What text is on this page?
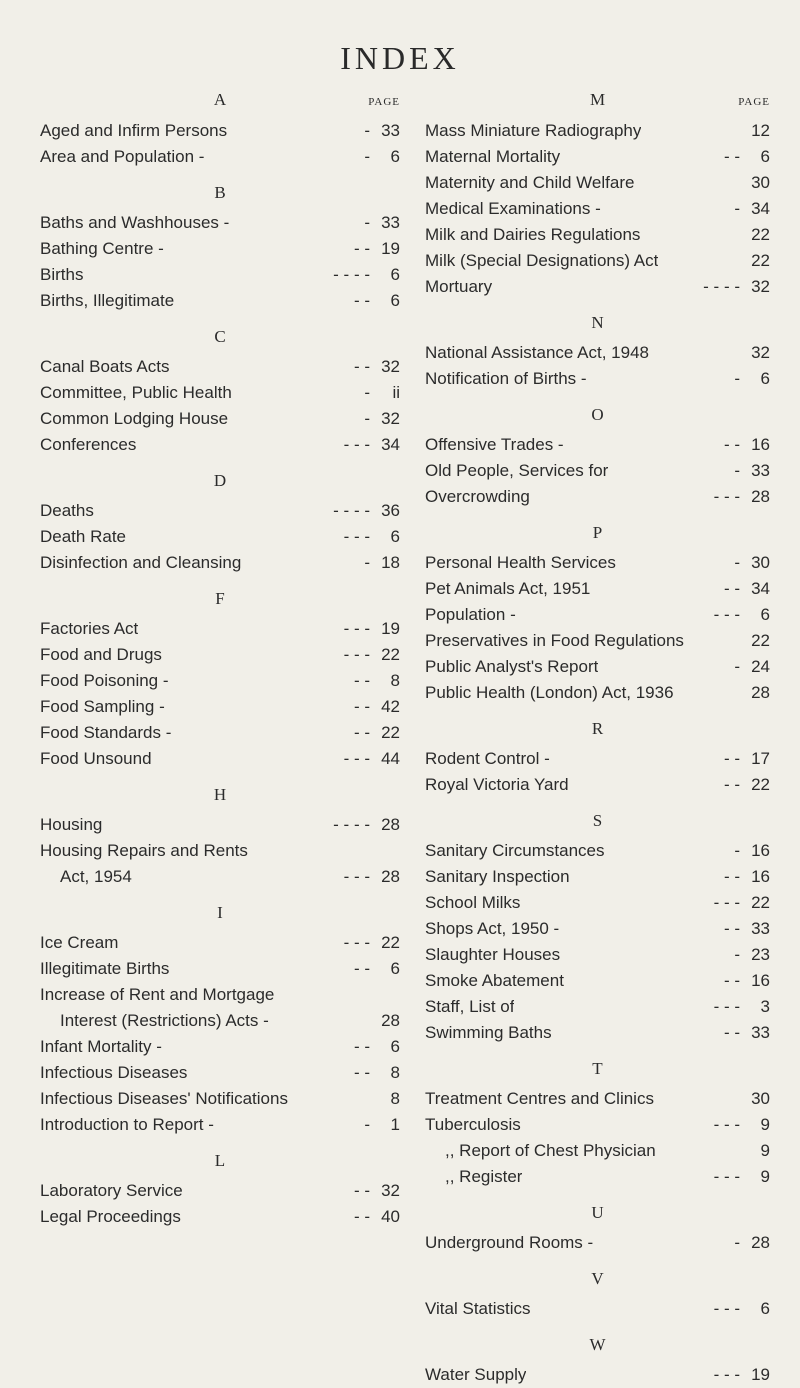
INDEX
A	PAGE
Aged and Infirm Persons	- 33
Area and Population -	-	6
B
Baths and Washhouses -	- 33
Bathing Centre -	- - 19
Births	- - - -	6
Births, Illegitimate	- -	6
C
Canal Boats Acts	- - 32
Committee, Public Health	-	ii
Common Lodging House	- 32
Conferences	- - - 34
D
Deaths	- - - - 36
Death Rate	- - -	6
Disinfection and Cleansing	- 18
F
Factories Act	- - - 19
Food and Drugs	- - - 22
Food Poisoning -	- -	8
Food Sampling -	- - 42
Food Standards -	- - 22
Food Unsound	- - - 44
H
Housing	- - - - 28
Housing Repairs and Rents
Act, 1954	- - - 28
I
Ice Cream	- - - 22
Illegitimate Births	- -	6
Increase of Rent and Mortgage
Interest (Restrictions) Acts -	28
Infant Mortality -	- -	6
Infectious Diseases	- -	8
Infectious Diseases' Notifications	8
Introduction to Report -	-	1
L
Laboratory Service	- - 32
Legal Proceedings	- - 40
M	PAGE
Mass Miniature Radiography	12
Maternal Mortality	- -	6
Maternity and Child Welfare	30
Medical Examinations -	- 34
Milk and Dairies Regulations	22
Milk (Special Designations) Act	22
Mortuary	- - - - 32
N
National Assistance Act, 1948	32
Notification of Births -	-	6
O
Offensive Trades -	- - 16
Old People, Services for	- 33
Overcrowding	- - - 28
P
Personal Health Services	- 30
Pet Animals Act, 1951	- - 34
Population -	- - -	6
Preservatives in Food Regulations	22
Public Analyst's Report	- 24
Public Health (London) Act, 1936	28
R
Rodent Control -	- - 17
Royal Victoria Yard	- - 22
S
Sanitary Circumstances	- 16
Sanitary Inspection	- - 16
School Milks	- - - 22
Shops Act, 1950 -	- - 33
Slaughter Houses	- 23
Smoke Abatement	- - 16
Staff, List of	- - -	3
Swimming Baths	- - 33
T
Treatment Centres and Clinics	30
Tuberculosis	- - -	9
,, Report of Chest Physician	9
,, Register	- - -	9
U
Underground Rooms -	- 28
V
Vital Statistics	- - -	6
W
Water Supply	- - - 19
